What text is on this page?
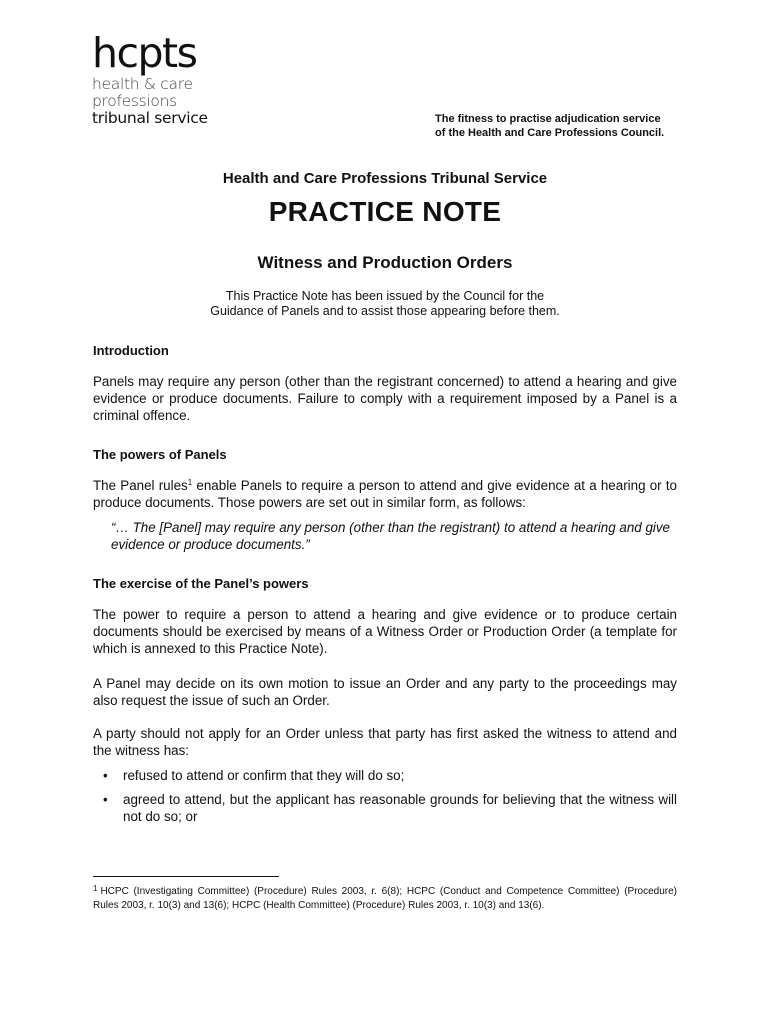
hcpts
health & care
professions
tribunal service	The fitness to practise adjudication service
of the Health and Care Professions Council.
Health and Care Professions Tribunal Service
PRACTICE NOTE
Witness and Production Orders
This Practice Note has been issued by the Council for the
Guidance of Panels and to assist those appearing before them.
Introduction
Panels may require any person (other than the registrant concerned) to attend a hearing and give evidence or produce documents. Failure to comply with a requirement imposed by a Panel is a criminal offence.
The powers of Panels
The Panel rules$^1$ enable Panels to require a person to attend and give evidence at a hearing or to produce documents. Those powers are set out in similar form, as follows:
“… The [Panel] may require any person (other than the registrant) to attend a hearing and give evidence or produce documents.”
The exercise of the Panel’s powers
The power to require a person to attend a hearing and give evidence or to produce certain documents should be exercised by means of a Witness Order or Production Order (a template for which is annexed to this Practice Note).
A Panel may decide on its own motion to issue an Order and any party to the proceedings may also request the issue of such an Order.
A party should not apply for an Order unless that party has first asked the witness to attend and the witness has:
• refused to attend or confirm that they will do so;
• agreed to attend, but the applicant has reasonable grounds for believing that the witness will not do so; or
$^1$ HCPC (Investigating Committee) (Procedure) Rules 2003, r. 6(8); HCPC (Conduct and Competence Committee) (Procedure) Rules 2003, r. 10(3) and 13(6); HCPC (Health Committee) (Procedure) Rules 2003, r. 10(3) and 13(6).
